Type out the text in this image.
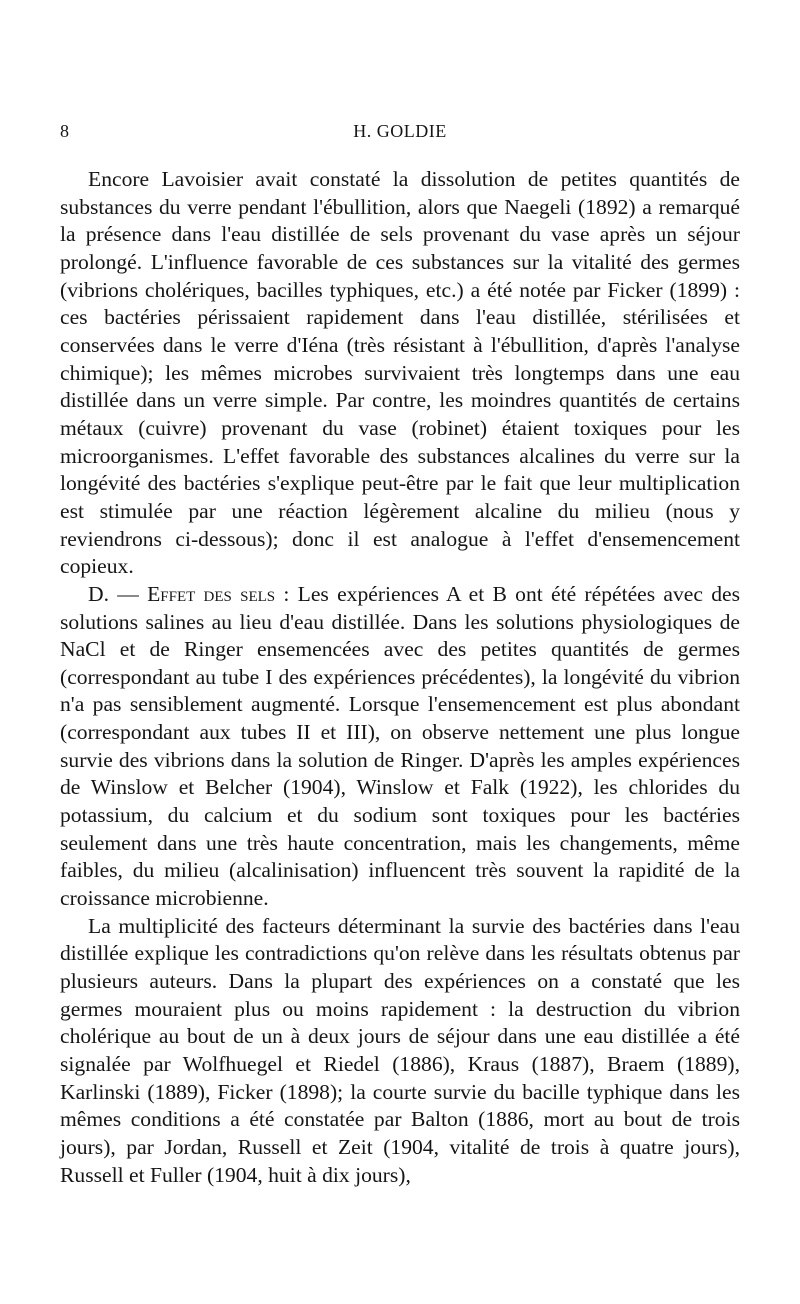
8	H. GOLDIE

Encore Lavoisier avait constaté la dissolution de petites quantités de substances du verre pendant l'ébullition, alors que Naegeli (1892) a remarqué la présence dans l'eau distillée de sels provenant du vase après un séjour prolongé. L'influence favorable de ces substances sur la vitalité des germes (vibrions cholériques, bacilles typhiques, etc.) a été notée par Ficker (1899) : ces bactéries périssaient rapidement dans l'eau distillée, stérilisées et conservées dans le verre d'Iéna (très résistant à l'ébullition, d'après l'analyse chimique); les mêmes microbes survivaient très longtemps dans une eau distillée dans un verre simple. Par contre, les moindres quantités de certains métaux (cuivre) provenant du vase (robinet) étaient toxiques pour les microorganismes. L'effet favorable des substances alcalines du verre sur la longévité des bactéries s'explique peut-être par le fait que leur multiplication est stimulée par une réaction légèrement alcaline du milieu (nous y reviendrons ci-dessous); donc il est analogue à l'effet d'ensemencement copieux.

D. — Effet des sels : Les expériences A et B ont été répétées avec des solutions salines au lieu d'eau distillée. Dans les solutions physiologiques de NaCl et de Ringer ensemencées avec des petites quantités de germes (correspondant au tube I des expériences précédentes), la longévité du vibrion n'a pas sensiblement augmenté. Lorsque l'ensemencement est plus abondant (correspondant aux tubes II et III), on observe nettement une plus longue survie des vibrions dans la solution de Ringer. D'après les amples expériences de Winslow et Belcher (1904), Winslow et Falk (1922), les chlorides du potassium, du calcium et du sodium sont toxiques pour les bactéries seulement dans une très haute concentration, mais les changements, même faibles, du milieu (alcalinisation) influencent très souvent la rapidité de la croissance microbienne.

La multiplicité des facteurs déterminant la survie des bactéries dans l'eau distillée explique les contradictions qu'on relève dans les résultats obtenus par plusieurs auteurs. Dans la plupart des expériences on a constaté que les germes mouraient plus ou moins rapidement : la destruction du vibrion cholérique au bout de un à deux jours de séjour dans une eau distillée a été signalée par Wolfhuegel et Riedel (1886), Kraus (1887), Braem (1889), Karlinski (1889), Ficker (1898); la courte survie du bacille typhique dans les mêmes conditions a été constatée par Balton (1886, mort au bout de trois jours), par Jordan, Russell et Zeit (1904, vitalité de trois à quatre jours), Russell et Fuller (1904, huit à dix jours),
